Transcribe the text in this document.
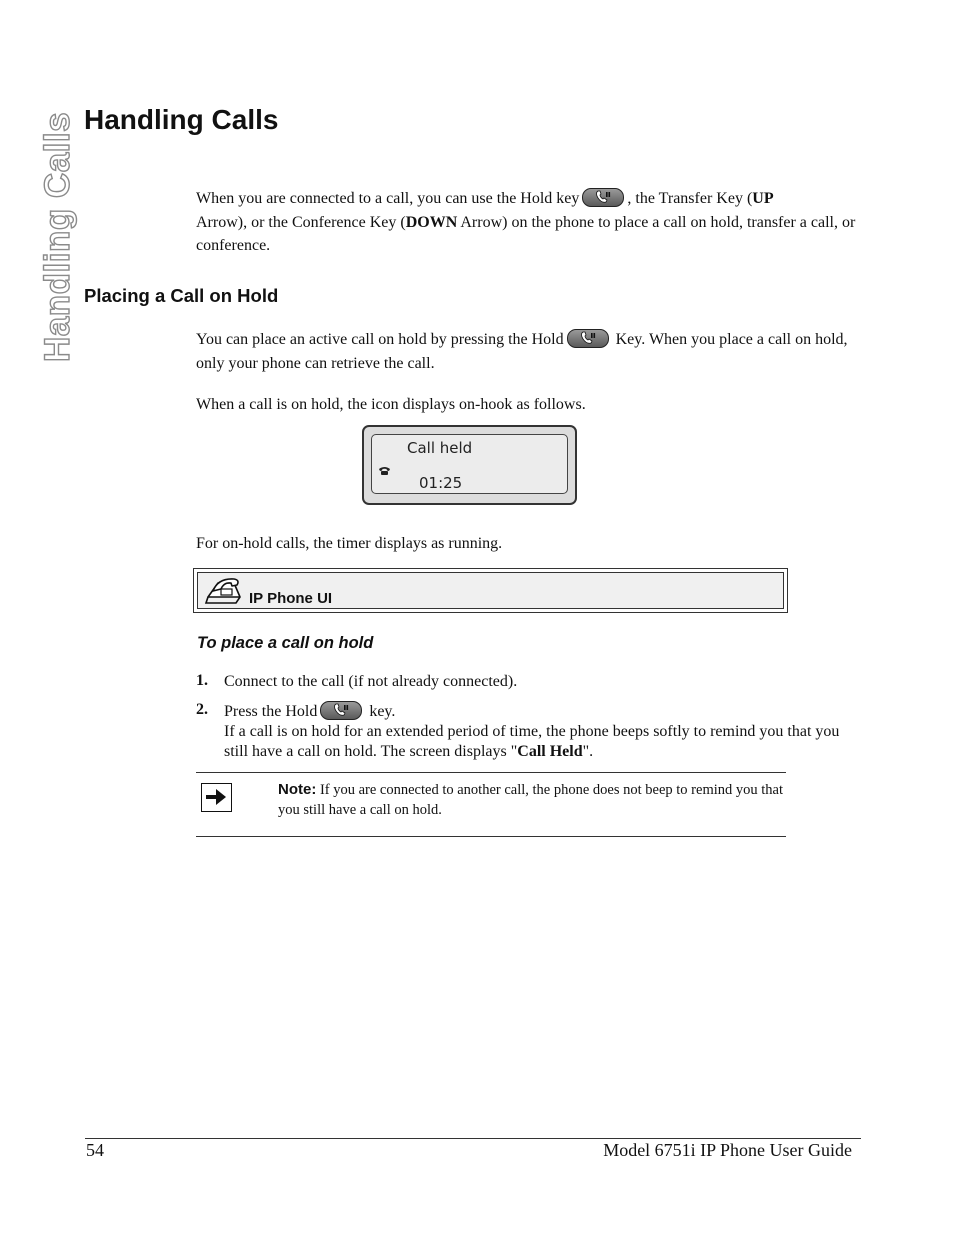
Handling Calls Handling Calls
When you are connected to a call, you can use the Hold key	, the Transfer Key (UP
Arrow), or the Conference Key (DOWN Arrow) on the phone to place a call on hold, transfer a call, or conference.
Placing a Call on Hold
You can place an active call on hold by pressing the Hold	Key. When you place a call on hold, only your phone can retrieve the call.
When a call is on hold, the icon displays on-hook as follows.
Call held
01:25
For on-hold calls, the timer displays as running.
IP Phone UI
To place a call on hold
1. Connect to the call (if not already connected).
2. Press the Hold	key.
If a call is on hold for an extended period of time, the phone beeps softly to remind you that you still have a call on hold. The screen displays "Call Held".
Note: If you are connected to another call, the phone does not beep to remind you that you still have a call on hold.
54	Model 6751i IP Phone User Guide
